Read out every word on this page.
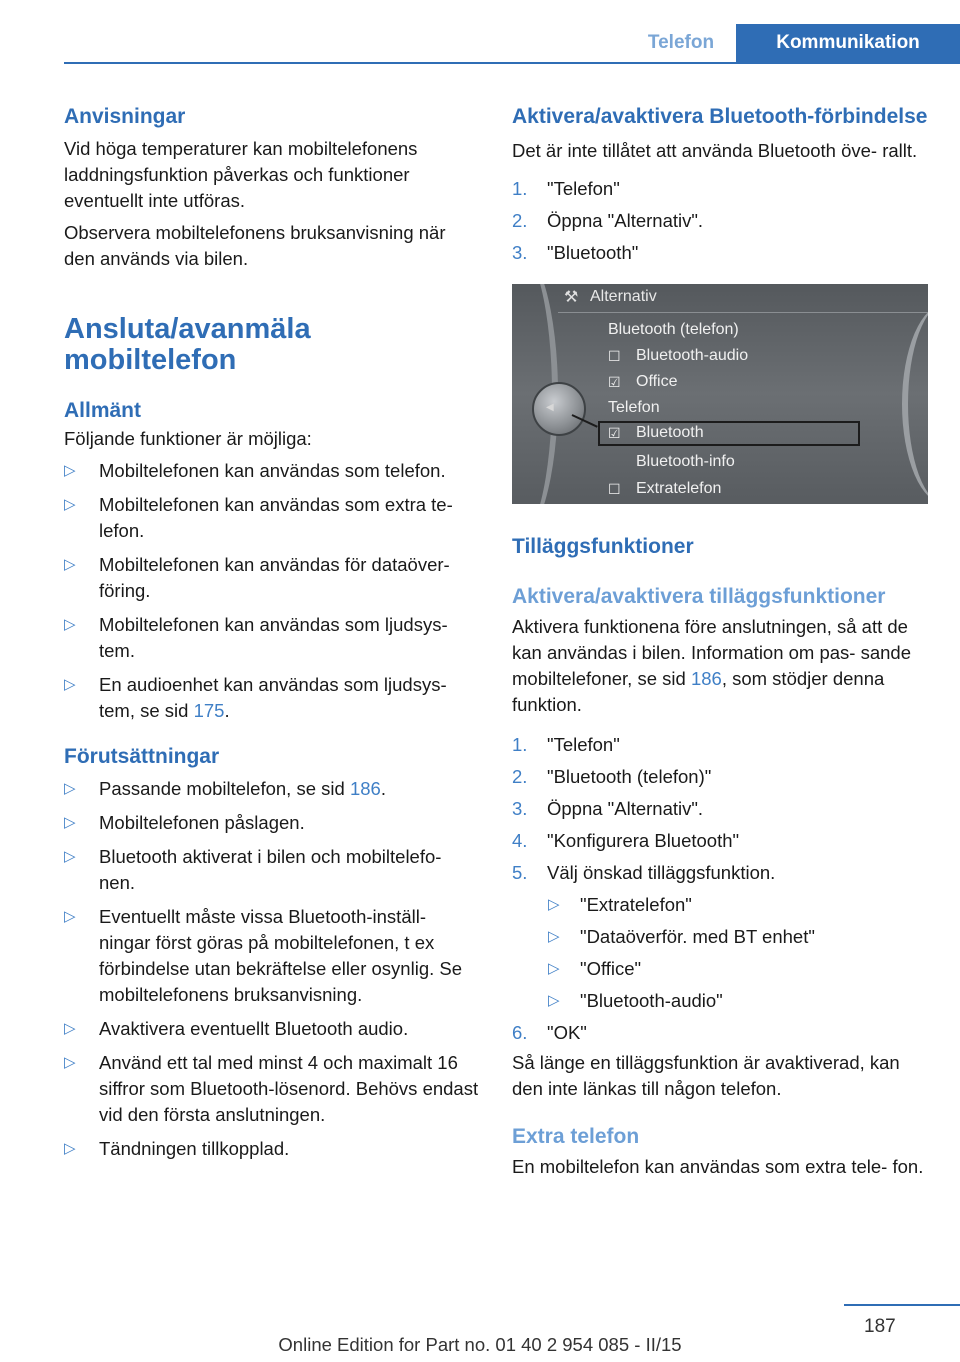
Telefon	Kommunikation
Anvisningar

Vid höga temperaturer kan mobiltelefonens laddningsfunktion påverkas och funktioner eventuellt inte utföras.

Observera mobiltelefonens bruksanvisning när den används via bilen.

Ansluta/avanmäla
mobiltelefon
Allmänt

Följande funktioner är möjliga:

▷ Mobiltelefonen kan användas som telefon.
▷ Mobiltelefonen kan användas som extra te‐ lefon.
▷ Mobiltelefonen kan användas för dataöver‐ föring.
▷ Mobiltelefonen kan användas som ljudsys‐ tem.
▷ En audioenhet kan användas som ljudsys‐ tem, se sid 175.
Förutsättningar
▷ Passande mobiltelefon, se sid 186.
▷ Mobiltelefonen påslagen.
▷ Bluetooth aktiverat i bilen och mobiltelefo‐ nen.
▷ Eventuellt måste vissa Bluetooth-inställ‐ ningar först göras på mobiltelefonen, t ex förbindelse utan bekräftelse eller osynlig. Se mobiltelefonens bruksanvisning.
▷ Avaktivera eventuellt Bluetooth audio.
▷ Använd ett tal med minst 4 och maximalt 16 siffror som Bluetooth-lösenord. Behövs endast vid den första anslutningen.
▷ Tändningen tillkopplad.
Aktivera/avaktivera Bluetooth-förbindelse

Det är inte tillåtet att använda Bluetooth öve‐ rallt.

1. "Telefon"
2. Öppna "Alternativ".
3. "Bluetooth"
⚒ Alternativ
Bluetooth (telefon)
☐ Bluetooth-audio
☑ Office
Telefon
☑ Bluetooth
Bluetooth-info
☐ Extratelefon
◀
Tilläggsfunktioner
Aktivera/avaktivera tilläggsfunktioner

Aktivera funktionena före anslutningen, så att de kan användas i bilen. Information om pas‐ sande mobiltelefoner, se sid 186, som stödjer denna funktion.

1. "Telefon"
2. "Bluetooth (telefon)"
3. Öppna "Alternativ".
4. "Konfigurera Bluetooth"
5. Välj önskad tilläggsfunktion.
▷ "Extratelefon"
▷ "Dataöverför. med BT enhet"
▷ "Office"
▷ "Bluetooth-audio"
6. "OK"

Så länge en tilläggsfunktion är avaktiverad, kan den inte länkas till någon telefon.

Extra telefon

En mobiltelefon kan användas som extra tele‐ fon.

187
Online Edition for Part no. 01 40 2 954 085 - II/15
